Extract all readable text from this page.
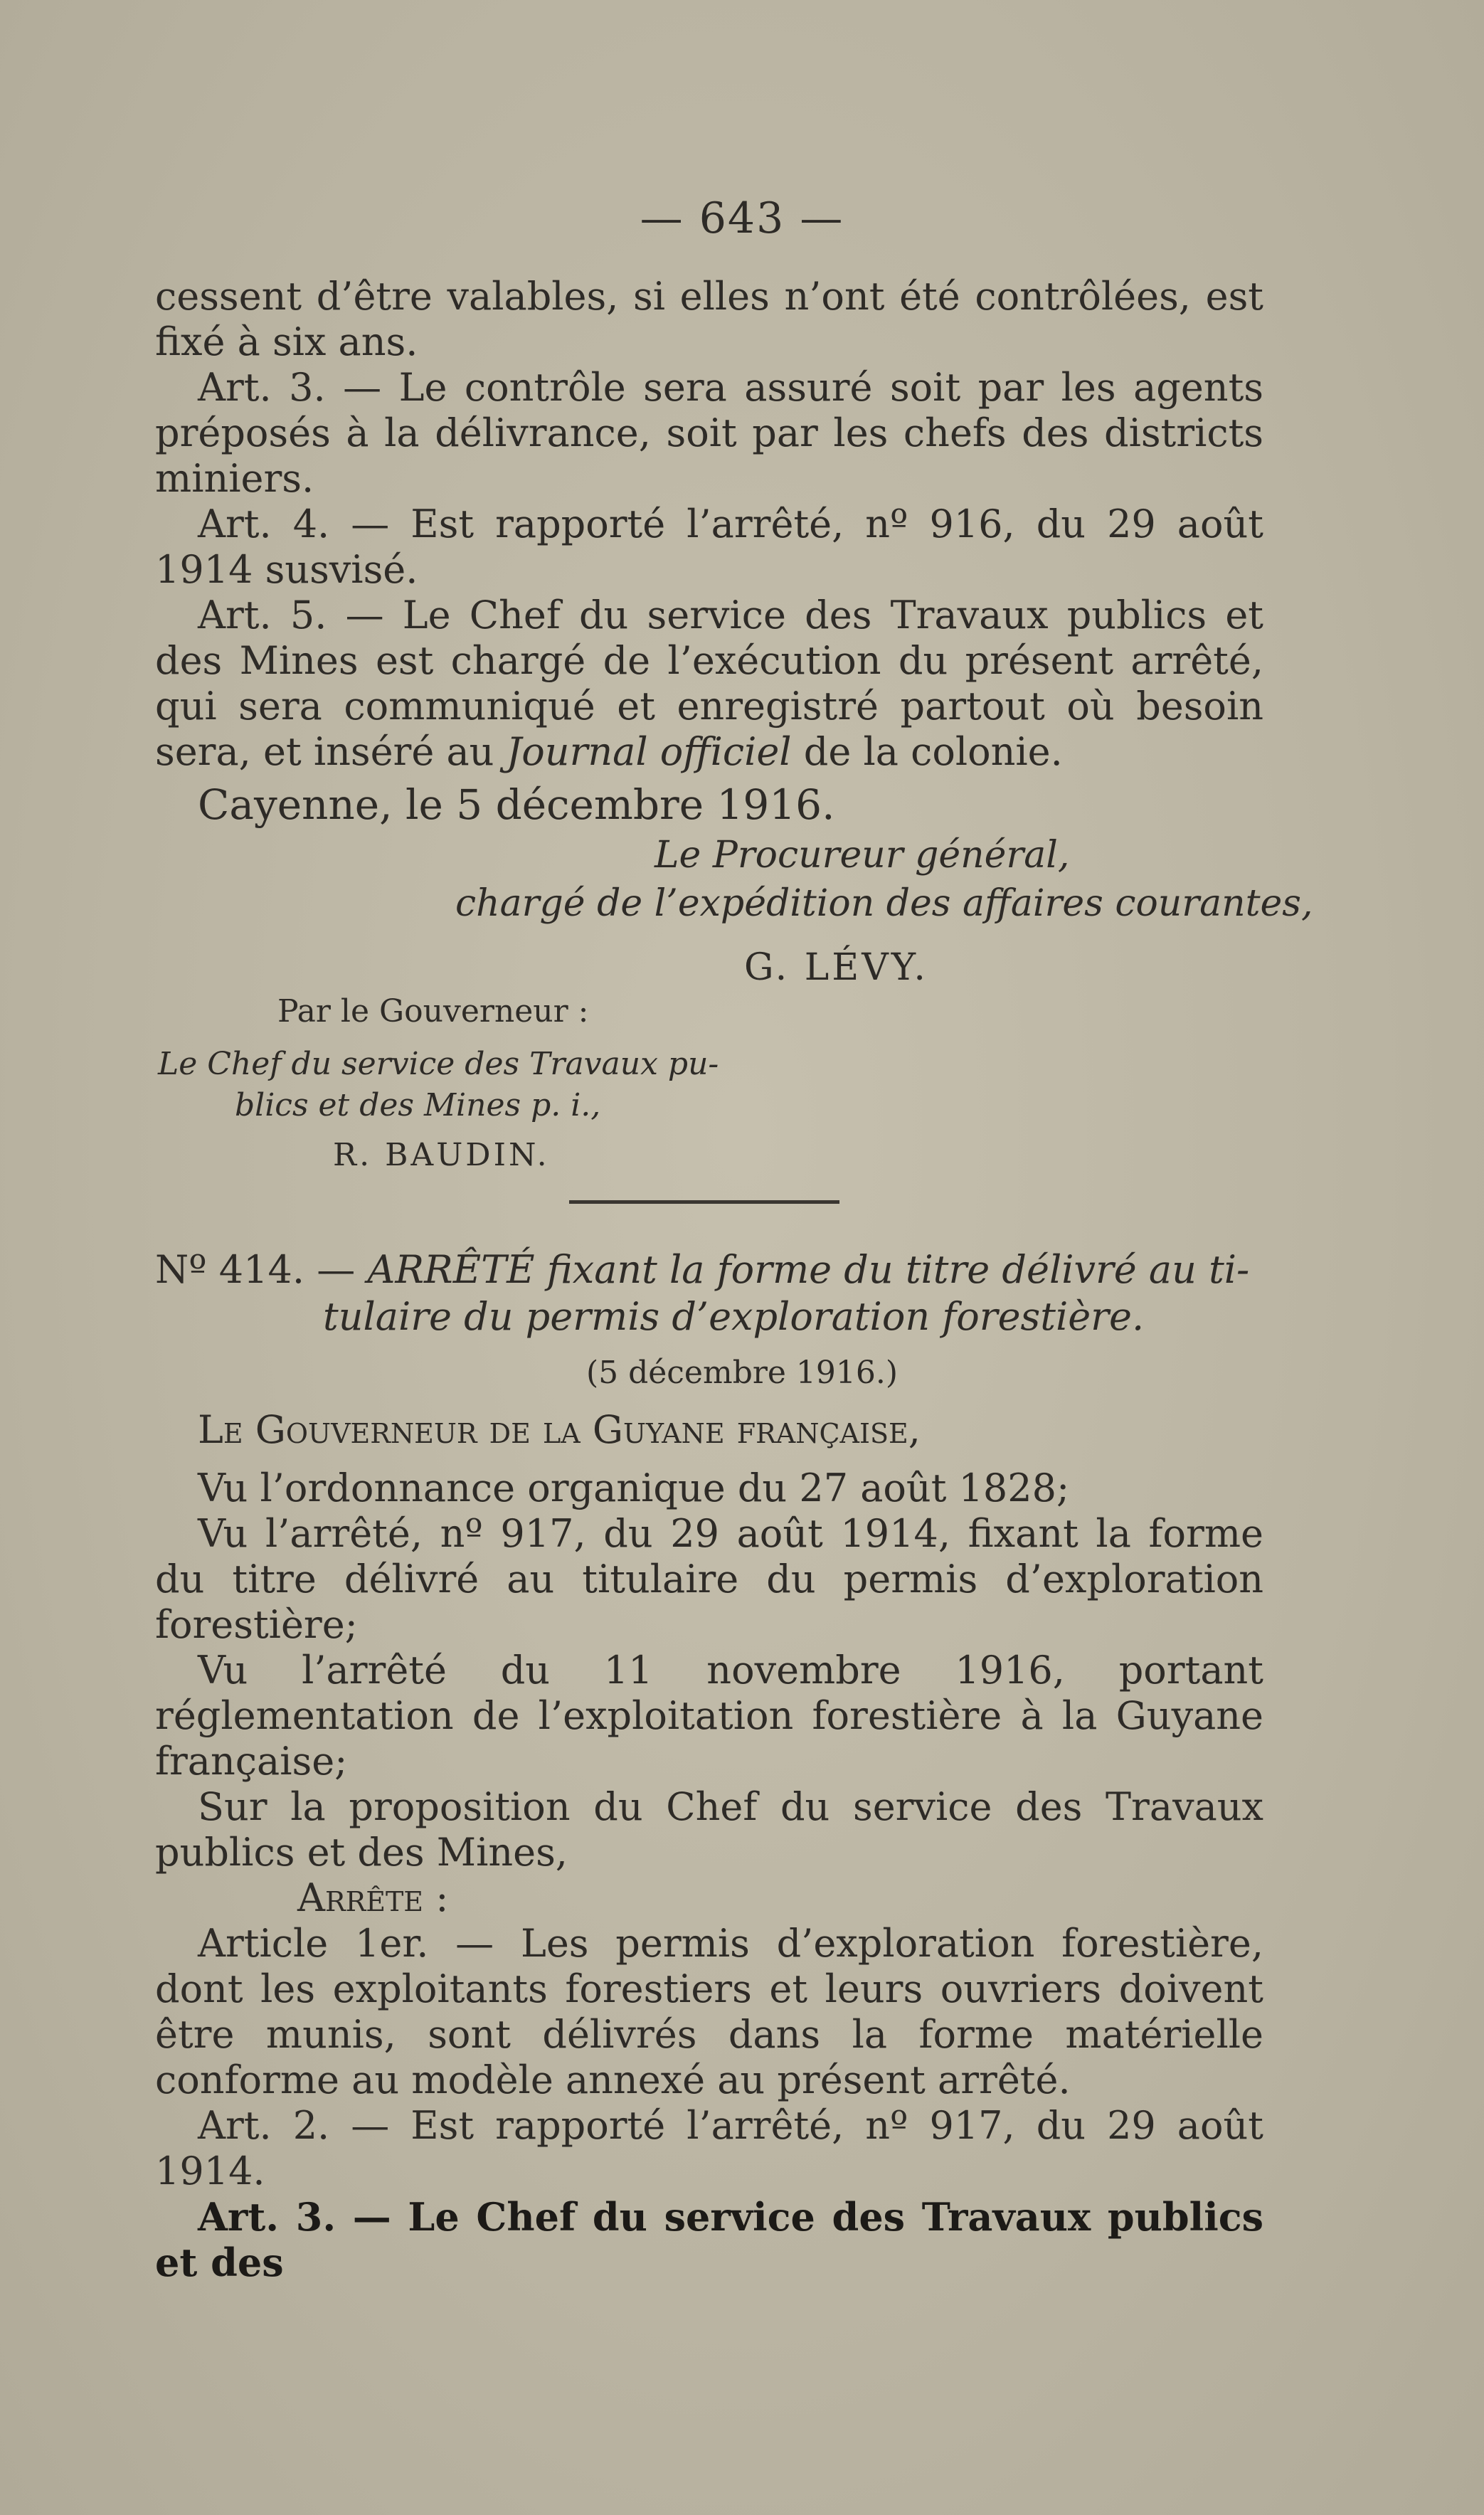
— 643 —

cessent d’être valables, si elles n’ont été contrôlées, est fixé à six ans.

Art. 3. — Le contrôle sera assuré soit par les agents préposés à la délivrance, soit par les chefs des districts miniers.

Art. 4. — Est rapporté l’arrêté, nº 916, du 29 août 1914 susvisé.

Art. 5. — Le Chef du service des Travaux publics et des Mines est chargé de l’exécution du présent arrêté, qui sera communiqué et enregistré partout où besoin sera, et inséré au Journal officiel de la colonie.

Cayenne, le 5 décembre 1916.

Le Procureur général,
chargé de l’expédition des affaires courantes,
G. LÉVY.
Par le Gouverneur :
Le Chef du service des Travaux pu-
blics et des Mines p. i.,
R. BAUDIN.
Nº 414. — ARRÊTÉ fixant la forme du titre délivré au ti-
tulaire du permis d’exploration forestière.
(5 décembre 1916.)

Le Gouverneur de la Guyane française,

Vu l’ordonnance organique du 27 août 1828;

Vu l’arrêté, nº 917, du 29 août 1914, fixant la forme du titre délivré au titulaire du permis d’exploration forestière;

Vu l’arrêté du 11 novembre 1916, portant réglementation de l’exploitation forestière à la Guyane française;

Sur la proposition du Chef du service des Travaux publics et des Mines,

Arrête :

Article 1er. — Les permis d’exploration forestière, dont les exploitants forestiers et leurs ouvriers doivent être munis, sont délivrés dans la forme matérielle conforme au modèle annexé au présent arrêté.

Art. 2. — Est rapporté l’arrêté, nº 917, du 29 août 1914.

Art. 3. — Le Chef du service des Travaux publics et des
